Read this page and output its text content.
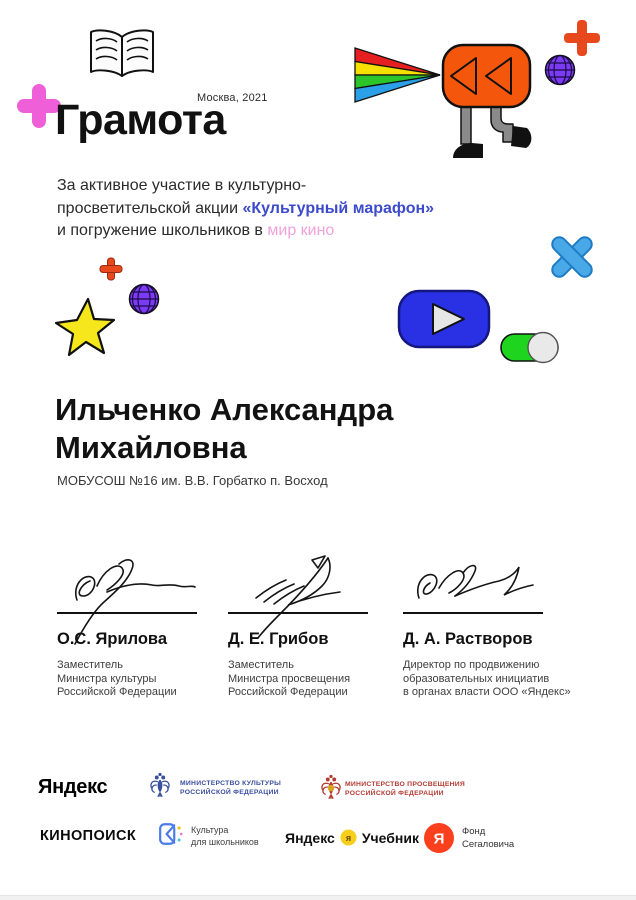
Москва, 2021
Грамота
За активное участие в культурно-
просветительской акции «Культурный марафон»
и погружение школьников в мир кино
Ильченко Александра
Михайловна
МОБУСОШ №16 им. В.В. Горбатко п. Восход
О.С. Ярилова
Заместитель
Министра культуры
Российской Федерации
Д. Е. Грибов
Заместитель
Министра просвещения
Российской Федерации
Д. А. Растворов
Директор по продвижению
образовательных инициатив
в органах власти ООО «Яндекс»
Яндекс	МИНИСТЕРСТВО КУЛЬТУРЫ
РОССИЙСКОЙ ФЕДЕРАЦИИ
МИНИСТЕРСТВО ПРОСВЕЩЕНИЯ
РОССИЙСКОЙ ФЕДЕРАЦИИ
КИНОПОИСК	Культура
для школьников Яндекс я Учебник Я Фонд
Сегаловича
